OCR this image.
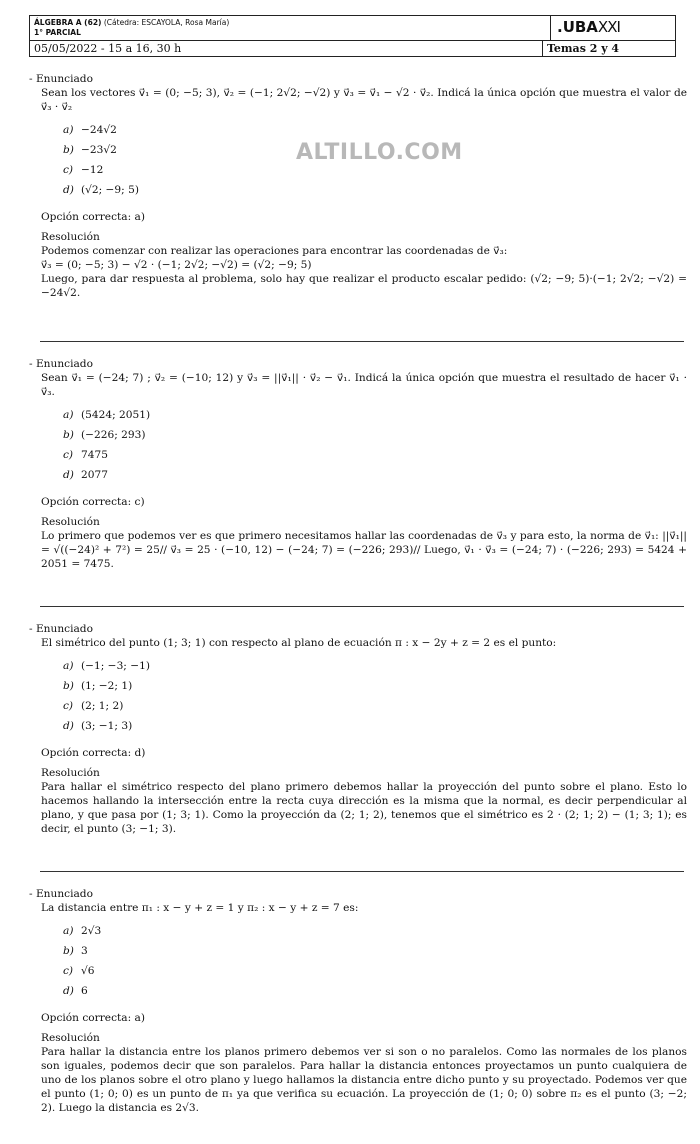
ÁLGEBRA A (62) (Cátedra: ESCAYOLA, Rosa María)
1° PARCIAL	.UBA XXI
05/05/2022 - 15 a 16, 30 h	Temas 2 y 4
ALTILLO.COM
- Enunciado

Sean los vectores v⃗₁ = (0; −5; 3), v⃗₂ = (−1; 2√2; −√2) y v⃗₃ = v⃗₁ − √2 · v⃗₂. Indicá la única opción que muestra el valor de v⃗₃ · v⃗₂

a) −24√2
b) −23√2
c) −12
d) (√2; −9; 5)

Opción correcta: a)

Resolución

Podemos comenzar con realizar las operaciones para encontrar las coordenadas de v⃗₃:

v⃗₃ = (0; −5; 3) − √2 · (−1; 2√2; −√2) = (√2; −9; 5)

Luego, para dar respuesta al problema, solo hay que realizar el producto escalar pedido: (√2; −9; 5)·(−1; 2√2; −√2) = −24√2.

- Enunciado

Sean v⃗₁ = (−24; 7) ; v⃗₂ = (−10; 12) y v⃗₃ = ||v⃗₁|| · v⃗₂ − v⃗₁. Indicá la única opción que muestra el resultado de hacer v⃗₁ · v⃗₃.

a) (5424; 2051)
b) (−226; 293)
c) 7475
d) 2077

Opción correcta: c)

Resolución

Lo primero que podemos ver es que primero necesitamos hallar las coordenadas de v⃗₃ y para esto, la norma de v⃗₁: ||v⃗₁|| = √((−24)² + 7²) = 25// v⃗₃ = 25 · (−10, 12) − (−24; 7) = (−226; 293)// Luego, v⃗₁ · v⃗₃ = (−24; 7) · (−226; 293) = 5424 + 2051 = 7475.

- Enunciado

El simétrico del punto (1; 3; 1) con respecto al plano de ecuación π : x − 2y + z = 2 es el punto:

a) (−1; −3; −1)
b) (1; −2; 1)
c) (2; 1; 2)
d) (3; −1; 3)

Opción correcta: d)

Resolución

Para hallar el simétrico respecto del plano primero debemos hallar la proyección del punto sobre el plano. Esto lo hacemos hallando la intersección entre la recta cuya dirección es la misma que la normal, es decir perpendicular al plano, y que pasa por (1; 3; 1). Como la proyección da (2; 1; 2), tenemos que el simétrico es 2 · (2; 1; 2) − (1; 3; 1); es decir, el punto (3; −1; 3).

- Enunciado

La distancia entre π₁ : x − y + z = 1 y π₂ : x − y + z = 7 es:

a) 2√3
b) 3
c) √6
d) 6

Opción correcta: a)

Resolución

Para hallar la distancia entre los planos primero debemos ver si son o no paralelos. Como las normales de los planos son iguales, podemos decir que son paralelos. Para hallar la distancia entonces proyectamos un punto cualquiera de uno de los planos sobre el otro plano y luego hallamos la distancia entre dicho punto y su proyectado. Podemos ver que el punto (1; 0; 0) es un punto de π₁ ya que verifica su ecuación. La proyección de (1; 0; 0) sobre π₂ es el punto (3; −2; 2). Luego la distancia es 2√3.
